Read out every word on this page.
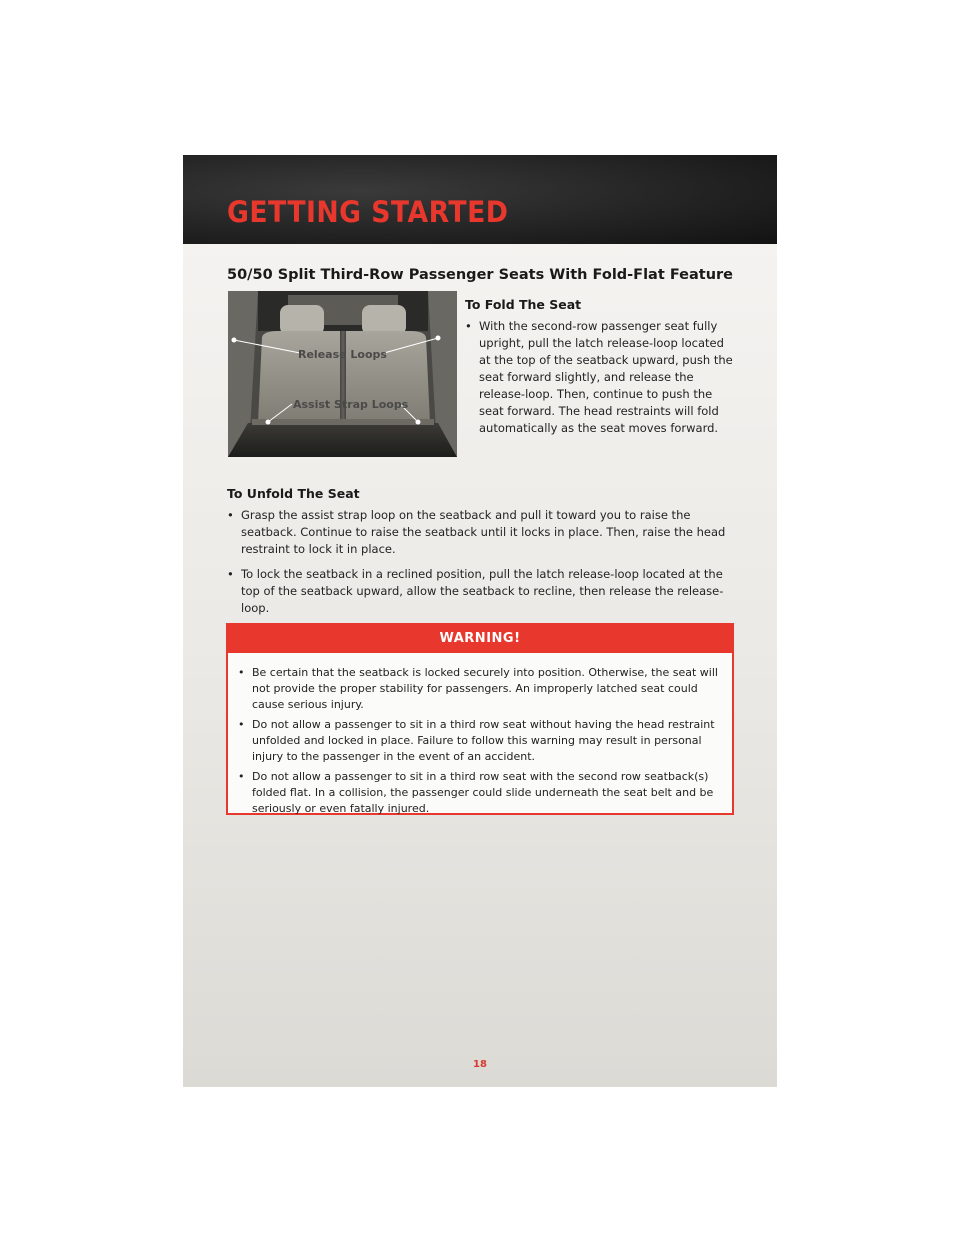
GETTING STARTED
50/50 Split Third-Row Passenger Seats With Fold-Flat Feature
Release Loops
Assist Strap Loops
To Fold The Seat
• With the second-row passenger seat fully upright, pull the latch release-loop located at the top of the seatback upward, push the seat forward slightly, and release the release-loop. Then, continue to push the seat forward. The head restraints will fold automatically as the seat moves forward.
To Unfold The Seat
• Grasp the assist strap loop on the seatback and pull it toward you to raise the seatback. Continue to raise the seatback until it locks in place. Then, raise the head restraint to lock it in place.
• To lock the seatback in a reclined position, pull the latch release-loop located at the top of the seatback upward, allow the seatback to recline, then release the release-loop.
WARNING!
• Be certain that the seatback is locked securely into position. Otherwise, the seat will not provide the proper stability for passengers. An improperly latched seat could cause serious injury.
• Do not allow a passenger to sit in a third row seat without having the head restraint unfolded and locked in place. Failure to follow this warning may result in personal injury to the passenger in the event of an accident.
• Do not allow a passenger to sit in a third row seat with the second row seatback(s) folded flat. In a collision, the passenger could slide underneath the seat belt and be seriously or even fatally injured.
18
